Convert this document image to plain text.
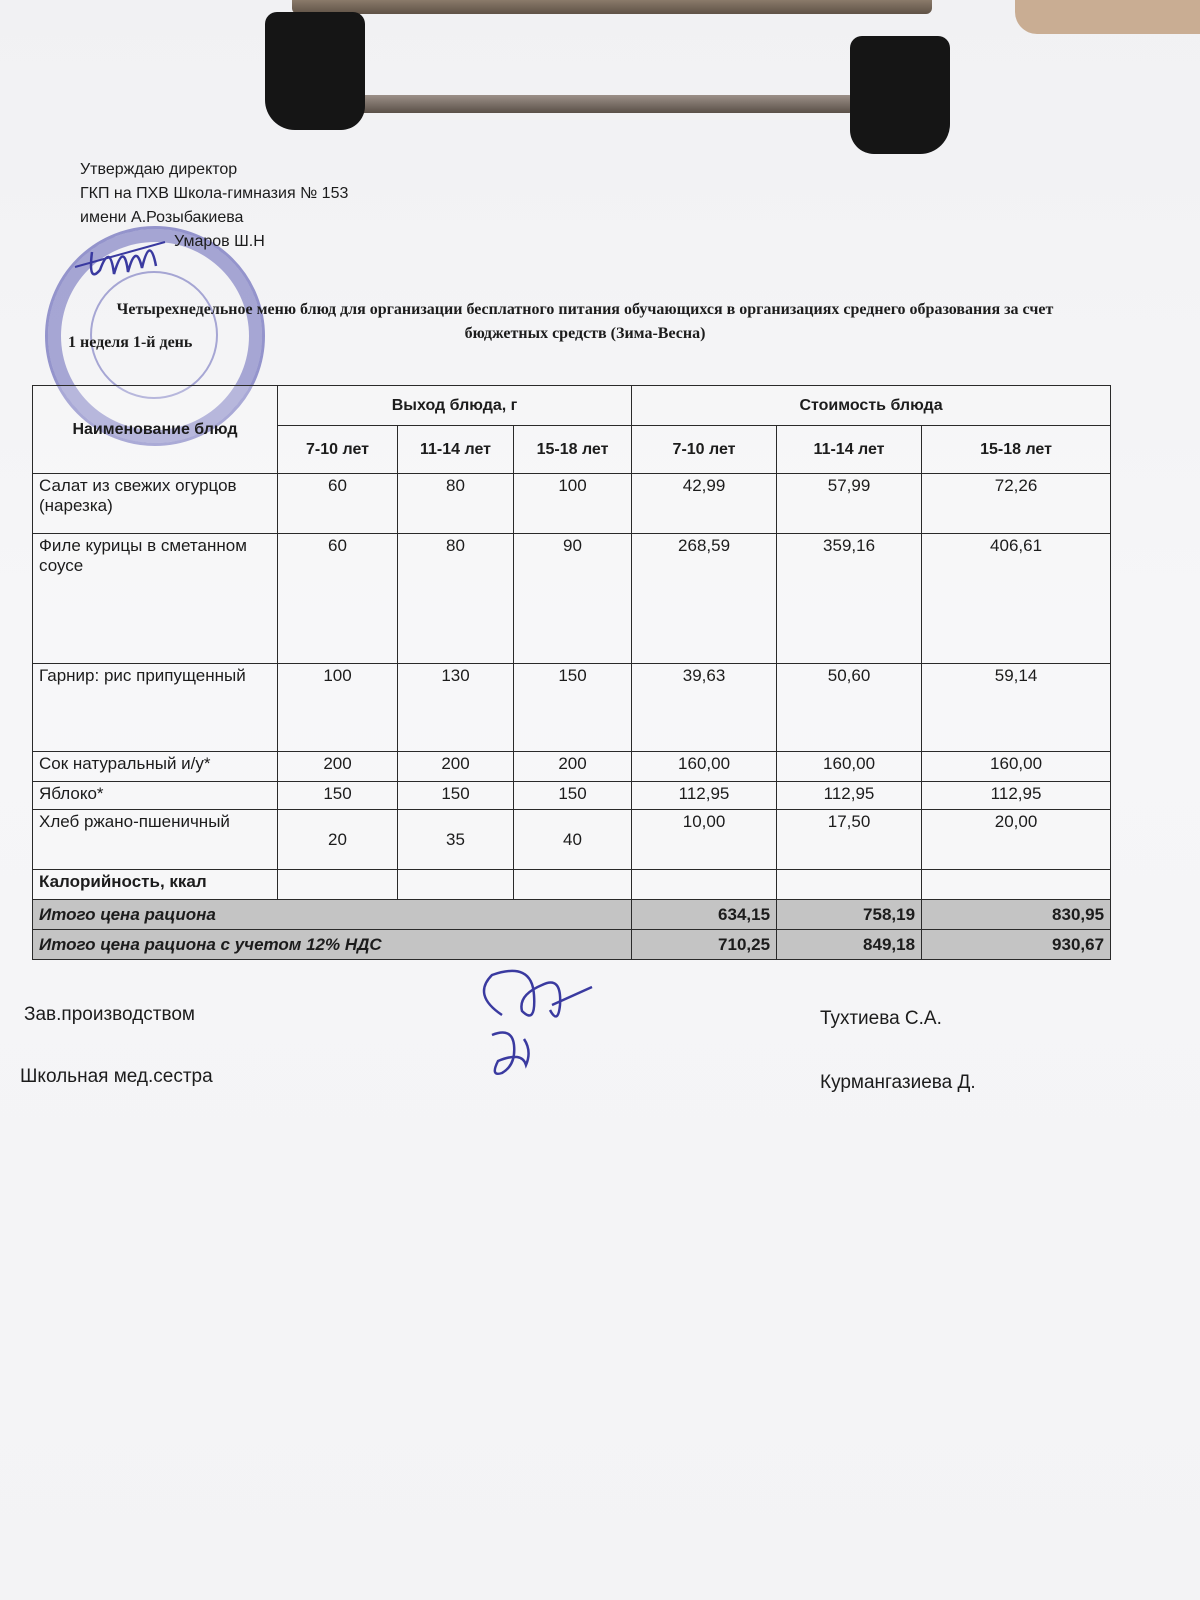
Утверждаю директор
ГКП на ПХВ Школа-гимназия № 153
имени А.Розыбакиева
Умаров Ш.Н
Четырехнедельное меню блюд для организации бесплатного питания обучающихся в организациях среднего образования за счет бюджетных средств (Зима-Весна)
1 неделя 1-й день
Наименование блюд	Выход блюда, г			Стоимость блюда		
	7-10 лет	11-14 лет	15-18 лет	7-10 лет	11-14 лет	15-18 лет
Салат из свежих огурцов (нарезка)	60	80	100	42,99	57,99	72,26
Филе курицы в сметанном соусе	60	80	90	268,59	359,16	406,61
Гарнир: рис припущенный	100	130	150	39,63	50,60	59,14
Сок натуральный и/у*	200	200	200	160,00	160,00	160,00
Яблоко*	150	150	150	112,95	112,95	112,95
Хлеб ржано-пшеничный	20	35	40	10,00	17,50	20,00
Калорийность, ккал						
Итого цена рациона				634,15	758,19	830,95
Итого цена рациона с учетом 12% НДС				710,25	849,18	930,67
Зав.производством	Тухтиева С.А.
Школьная мед.сестра	Курмангазиева Д.
